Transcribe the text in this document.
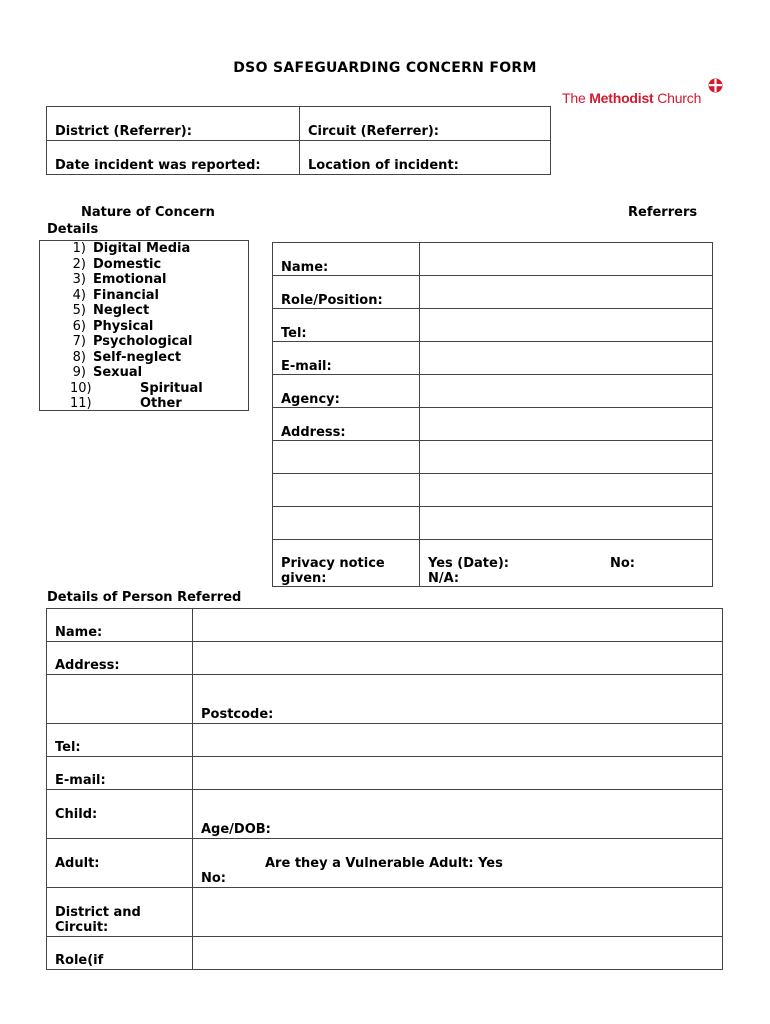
DSO SAFEGUARDING CONCERN FORM
The Methodist Church
District (Referrer):	Circuit (Referrer):
Date incident was reported:	Location of incident:
Nature of Concern
Details
Referrers
1) Digital Media
2) Domestic
3) Emotional
4) Financial
5) Neglect
6) Physical
7) Psychological
8) Self-neglect
9) Sexual
10)	Spiritual
11)	Other
Name:	
Role/Position:	
Tel:	
E-mail:	
Agency:	
Address:	

Privacy notice given:	Yes (Date): No:
N/A:
Details of Person Referred
Name:	
Address:	
	Postcode:
Tel:	
E-mail:	
Child:	Age/DOB:
Adult:	Are they a Vulnerable Adult: Yes
No:

District and Circuit:	
Role(if	
